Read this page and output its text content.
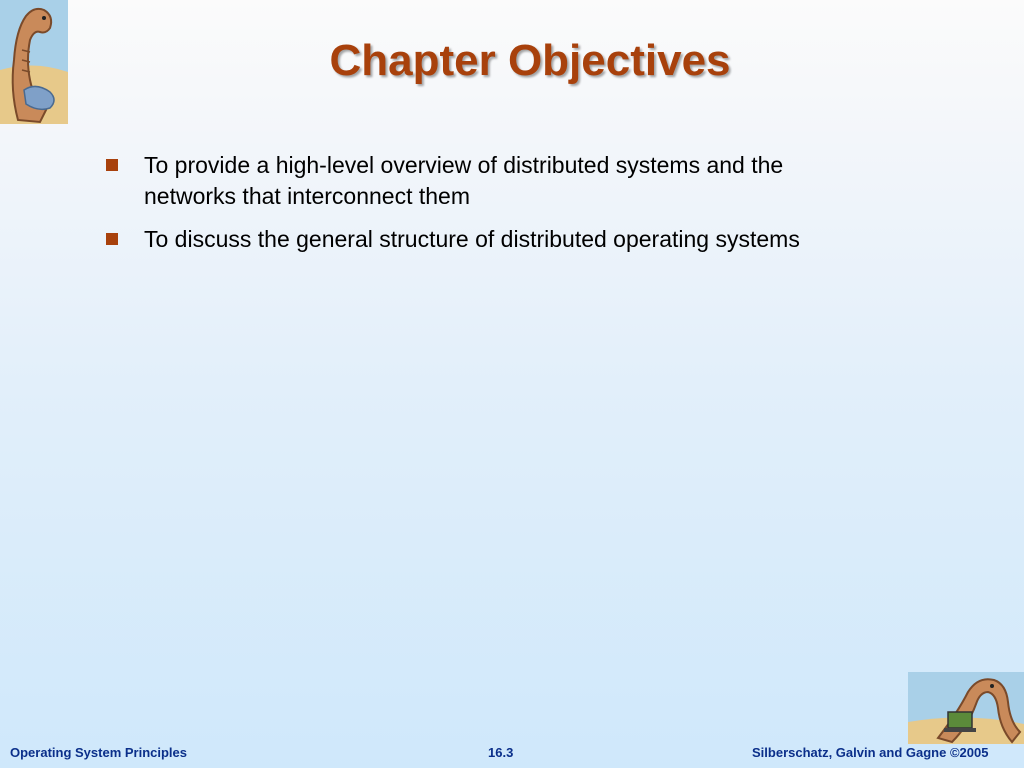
Chapter Objectives
To provide a high-level overview of distributed systems and the networks that interconnect them
To discuss the general structure of distributed operating systems
Operating System Principles	16.3	Silberschatz, Galvin and Gagne ©2005
